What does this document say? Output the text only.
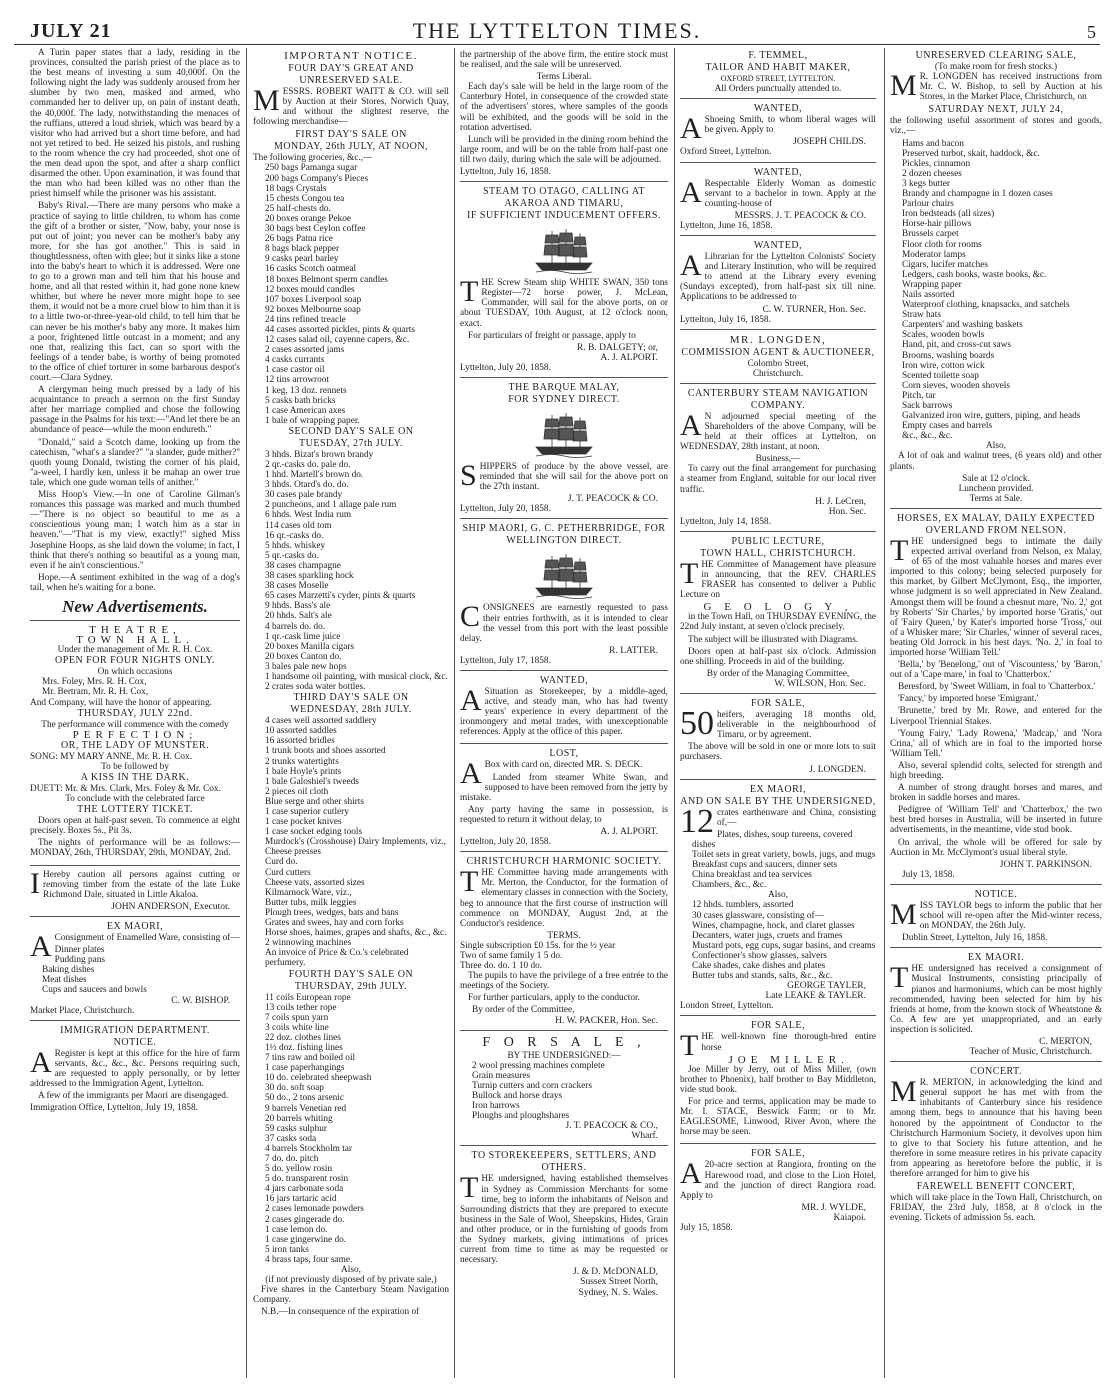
JULY 21	THE LYTTELTON TIMES.	5

A Turin paper states that a lady, residing in the provinces, consulted the parish priest of the place as to the best means of investing a sum 40,000f. On the following night the lady was suddenly aroused from her slumber by two men, masked and armed, who commanded her to deliver up, on pain of instant death, the 40,000f. The lady, notwithstanding the menaces of the ruffians, uttered a loud shriek, which was heard by a visitor who had arrived but a short time before, and had not yet retired to bed. He seized his pistols, and rushing to the room whence the cry had proceeded, shot one of the men dead upon the spot, and after a sharp conflict disarmed the other. Upon examination, it was found that the man who had been killed was no other than the priest himself while the prisoner was his assistant.

Baby's Rival.—There are many persons who make a practice of saying to little children, to whom has come the gift of a brother or sister, "Now, baby, your nose is put out of joint; you never can be mother's baby any more, for she has got another." This is said in thoughtlessness, often with glee; but it sinks like a stone into the baby's heart to which it is addressed. Were one to go to a grown man and tell him that his house and home, and all that rested within it, had gone none knew whither, but where he never more might hope to see them, it would not be a more cruel blow to him than it is to a little two-or-three-year-old child, to tell him that he can never be his mother's baby any more. It makes him a poor, frightened little outcast in a moment; and any one that, realizing this fact, can so sport with the feelings of a tender babe, is worthy of being promoted to the office of chief torturer in some barbarous despot's court.—Clara Sydney.

A clergyman being much pressed by a lady of his acquaintance to preach a sermon on the first Sunday after her marriage complied and chose the following passage in the Psalms for his text:—"And let there be an abundance of peace—while the moon endureth."

"Donald," said a Scotch dame, looking up from the catechism, "what's a slander?" "a slander, gude mither?" quoth young Donald, twisting the corner of his plaid, "a-weel, I hardly ken, unless it be mahap an ower true tale, which one gude woman tells of anither."

Miss Hoop's View.—In one of Caroline Gilman's romances this passage was marked and much thumbed—"There is no object so beautiful to me as a conscientious young man; I watch him as a star in heaven."—"That is my view, exactly!" sighed Miss Josephine Hoops, as she laid down the volume; in fact, I think that there's nothing so beautiful as a young man, even if he ain't conscientious."

Hope.—A sentiment exhibited in the wag of a dog's tail, when he's waiting for a bone.

New Advertisements.
THEATRE,
TOWN HALL.
Under the management of Mr. R. H. Cox.
OPEN FOR FOUR NIGHTS ONLY.
On which occasions
Mrs. Foley, Mrs. R. H. Cox,
Mr. Bertram, Mr. R. H. Cox,
And Company, will have the honor of appearing.
THURSDAY, JULY 22nd.
The performance will commence with the comedy
PERFECTION;
OR, THE LADY OF MUNSTER.
SONG: MY MARY ANNE, Mr. R. H. Cox.
To be followed by
A KISS IN THE DARK.
DUETT: Mr. & Mrs. Clark, Mrs. Foley & Mr. Cox.
To conclude with the celebrated farce
THE LOTTERY TICKET.

Doors open at half-past seven. To commence at eight precisely. Boxes 5s., Pit 3s.

The nights of performance will be as follows:—MONDAY, 26th, THURSDAY, 29th, MONDAY, 2nd.

I Hereby caution all persons against cutting or removing timber from the estate of the late Luke Richmond Dale, situated in Little Akaloa.

JOHN ANDERSON, Executor.
EX MAORI,
A Consignment of Enamelled Ware, consisting of—

Dinner plates
Pudding pans
Baking dishes
Meat dishes
Cups and saucers and bowls
C. W. BISHOP.
Market Place, Christchurch.
IMMIGRATION DEPARTMENT.
NOTICE.
A Register is kept at this office for the hire of farm servants, &c., &c., &c. Persons requiring such, are requested to apply personally, or by letter addressed to the Immigration Agent, Lyttelton.

A few of the immigrants per Maori are disengaged.

Immigration Office, Lyttelton, July 19, 1858.
IMPORTANT NOTICE.
FOUR DAY'S GREAT AND UNRESERVED SALE.
M ESSRS. ROBERT WAITT & CO. will sell by Auction at their Stores, Norwich Quay, and without the slightest reserve, the following merchandise—

FIRST DAY'S SALE ON
MONDAY, 26th JULY, AT NOON,
The following groceries, &c.,—
250 bags Pamanga sugar
200 bags Company's Pieces
18 bags Crystals
15 chests Congou tea
25 half-chests do.
20 boxes orange Pekoe
30 bags best Ceylon coffee
26 bags Patna rice
8 bags black pepper
9 casks pearl barley
16 casks Scotch oatmeal
18 boxes Belmont sperm candles
12 boxes mould candles
107 boxes Liverpool soap
92 boxes Melbourne soap
24 tins refined treacle
44 cases assorted pickles, pints & quarts
12 cases salad oil, cayenne capers, &c.
2 cases assorted jams
4 casks currants
1 case castor oil
12 tins arrowroot
1 keg, 13 doz. rennets
5 casks bath bricks
1 case American axes
1 bale of wrapping paper.
SECOND DAY'S SALE ON
TUESDAY, 27th JULY.
3 hhds. Bizat's brown brandy
2 qr.-casks do. pale do.
1 hhd. Martell's brown do.
3 hhds. Otard's do. do.
30 cases pale brandy
2 puncheons, and 1 allage pale rum
6 hhds. West India rum
114 cases old tom
16 qr.-casks do.
5 hhds. whiskey
5 qr.-casks do.
38 cases champagne
38 cases sparkling hock
38 cases Moselle
65 cases Marzetti's cyder, pints & quarts
9 hhds. Bass's ale
20 hhds. Salt's ale
4 barrels do. do.
1 qr.-cask lime juice
20 boxes Manilla cigars
20 boxes Canton do.
3 bales pale new hops
1 handsome oil painting, with musical clock, &c.
2 crates soda water bottles.
THIRD DAY'S SALE ON
WEDNESDAY, 28th JULY.
4 cases well assorted saddlery
10 assorted saddles
16 assorted bridles
1 trunk boots and shoes assorted
2 trunks watertights
1 bale Hoyle's prints
1 bale Galoshiel's tweeds
2 pieces oil cloth
Blue serge and other shirts
1 case superior cutlery
1 case pocket knives
1 case socket edging tools
Murdock's (Crosshouse) Dairy Implements, viz.,
Cheese presses
Curd do.
Curd cutters
Cheese vats, assorted sizes
Kilmarnock Ware, viz.,
Butter tubs, milk leggies
Plough trees, wedges, bats and bans
Grates and swees, hay and corn forks
Horse shoes, haimes, grapes and shafts, &c., &c.
2 winnowing machines
An invoice of Price & Co.'s celebrated perfumery.
FOURTH DAY'S SALE ON
THURSDAY, 29th JULY.
11 coils European rope
13 coils tether rope
7 coils spun yarn
3 coils white line
22 doz. clothes lines
1½ doz. fishing lines
7 tins raw and boiled oil
1 case paperhangings
10 do. celebrated sheepwash
30 do. soft soap
50 do., 2 tons arsenic
9 barrels Venetian red
20 barrels whiting
59 casks sulphur
37 casks soda
4 barrels Stockholm tar
7 do. do. pitch
5 do. yellow rosin
5 do. transparent rosin
4 jars carbonate soda
16 jars tartaric acid
2 cases lemonade powders
2 cases gingerade do.
1 case lemon do.
1 case gingerwine do.
5 iron tanks
4 brass taps, four same.
Also,
(if not previously disposed of by private sale,)

Five shares in the Canterbury Steam Navigation Company.

N.B.—In consequence of the expiration of

the partnership of the above firm, the entire stock must be realised, and the sale will be unreserved.

Terms Liberal.

Each day's sale will be held in the large room of the Canterbury Hotel, in consequence of the crowded state of the advertisers' stores, where samples of the goods will be exhibited, and the goods will be sold in the rotation advertised.

Lunch will be provided in the dining room behind the large room, and will be on the table from half-past one till two daily, during which the sale will be adjourned.

Lyttelton, July 16, 1858.
STEAM TO OTAGO, CALLING AT AKAROA AND TIMARU,
IF SUFFICIENT INDUCEMENT OFFERS.
T HE Screw Steam ship WHITE SWAN, 350 tons Register—72 horse power, J. McLean, Commander, will sail for the above ports, on or about TUESDAY, 10th August, at 12 o'clock noon, exact.

For particulars of freight or passage, apply to

R. B. DALGETY; or,
A. J. ALPORT.
Lyttelton, July 20, 1858.
THE BARQUE MALAY,
FOR SYDNEY DIRECT.
S HIPPERS of produce by the above vessel, are reminded that she will sail for the above port on the 27th instant.

J. T. PEACOCK & CO.
Lyttelton, July 20, 1858.
SHIP MAORI, G. C. PETHERBRIDGE, FOR WELLINGTON DIRECT.
C ONSIGNEES are earnestly requested to pass their entries forthwith, as it is intended to clear the vessel from this port with the least possible delay.

R. LATTER.
Lyttelton, July 17, 1858.
WANTED,
A Situation as Storekeeper, by a middle-aged, active, and steady man, who has had twenty years' experience in every department of the ironmongery and metal trades, with unexceptionable references. Apply at the office of this paper.

LOST,
A Box with card on, directed MR. S. DECK.

Landed from steamer White Swan, and supposed to have been removed from the jetty by mistake.

Any party having the same in possession, is requested to return it without delay, to

A. J. ALPORT.
Lyttelton, July 20, 1858.
CHRISTCHURCH HARMONIC SOCIETY.
T HE Committee having made arrangements with Mr. Merton, the Conductor, for the formation of elementary classes in connection with the Society, beg to announce that the first course of instruction will commence on MONDAY, August 2nd, at the Conductor's residence.

TERMS.
Single subscription £0 15s. for the ½ year
Two of same family 1 5 do.
Three do. do. 1 10 do.

The pupils to have the privilege of a free entrée to the meetings of the Society.

For further particulars, apply to the conductor.

By order of the Committee,
H. W. PACKER, Hon. Sec.
F O R S A L E ,
BY THE UNDERSIGNED:—
2 wool pressing machines complete
Grain measures
Turnip cutters and corn crackers
Bullock and horse drays
Iron harrows
Ploughs and ploughshares
J. T. PEACOCK & CO.,
Wharf.
TO STOREKEEPERS, SETTLERS, AND OTHERS.
T HE undersigned, having established themselves in Sydney as Commission Merchants for some time, beg to inform the inhabitants of Nelson and Surrounding districts that they are prepared to execute business in the Sale of Wool, Sheepskins, Hides, Grain and other produce, or in the furnishing of goods from the Sydney markets, giving intimations of prices current from time to time as may be requested or necessary.

J. & D. McDONALD,
Sussex Street North,
Sydney, N. S. Wales.
F. TEMMEL,
TAILOR AND HABIT MAKER,
OXFORD STREET, LYTTELTON.
All Orders punctually attended to.
WANTED,
A Shoeing Smith, to whom liberal wages will be given. Apply to

JOSEPH CHILDS.
Oxford Street, Lyttelton.
WANTED,
A Respectable Elderly Woman as domestic servant to a bachelor in town. Apply at the counting-house of

MESSRS. J. T. PEACOCK & CO.
Lyttelton, June 16, 1858.
WANTED,
A Librarian for the Lyttelton Colonists' Society and Literary Institution, who will be required to attend at the Library every evening (Sundays excepted), from half-past six till nine. Applications to be addressed to

C. W. TURNER, Hon. Sec.
Lyttelton, July 16, 1858.
MR. LONGDEN,
COMMISSION AGENT & AUCTIONEER,
Colombo Street,
Christchurch.
CANTERBURY STEAM NAVIGATION COMPANY.
A N adjourned special meeting of the Shareholders of the above Company, will be held at their offices at Lyttelton, on WEDNESDAY, 28th instant, at noon.

Business,—

To carry out the final arrangement for purchasing a steamer from England, suitable for our local river traffic.

H. J. LeCren,
Hon. Sec.
Lyttelton, July 14, 1858.
PUBLIC LECTURE,
TOWN HALL, CHRISTCHURCH.
T HE Committee of Management have pleasure in announcing, that the REV. CHARLES FRASER has consented to deliver a Public Lecture on

G E O L O G Y ,

in the Town Hall, on THURSDAY EVENING, the 22nd July instant, at seven o'clock precisely.

The subject will be illustrated with Diagrams.

Doors open at half-past six o'clock. Admission one shilling. Proceeds in aid of the building.

By order of the Managing Committee,
W. WILSON, Hon. Sec.
FOR SALE,
50 heifers, averaging 18 months old, deliverable in the neighbourhood of Timaru, or by agreement.

The above will be sold in one or more lots to suit purchasers.

J. LONGDEN.
EX MAORI,
AND ON SALE BY THE UNDERSIGNED,
12 crates earthenware and China, consisting of,—

Plates, dishes, soup tureens, covered dishes
Toilet sets in great variety, bowls, jugs, and mugs
Breakfast cups and saucers, dinner sets
China breakfast and tea services
Chambers, &c., &c.
Also,
12 hhds. tumblers, assorted
30 cases glassware, consisting of—
Wines, champagne, hock, and claret glasses
Decanters, water jugs, cruets and frames
Mustard pots, egg cups, sugar basins, and creams
Confectioner's show glasses, salvers
Cake shades, cake dishes and plates
Butter tubs and stands, salts, &c., &c.
GEORGE TAYLER,
Late LEAKE & TAYLER.
London Street, Lyttelton.
FOR SALE,
T HE well-known fine thorough-bred entire horse

JOE MILLER.

Joe Miller by Jerry, out of Miss Miller, (own brother to Phoenix), half brother to Bay Middleton, vide stud book.

For price and terms, application may be made to Mr. I. STACE, Beswick Farm; or to Mr. EAGLESOME, Linwood, River Avon, where the horse may be seen.

FOR SALE,
A 20-acre section at Rangiora, fronting on the Harewood road, and close to the Lion Hotel, and the junction of direct Rangiora road. Apply to

MR. J. WYLDE,
Kaiapoi.
July 15, 1858.
UNRESERVED CLEARING SALE,
(To make room for fresh stocks.)
M R. LONGDEN has received instructions from Mr. C. W. Bishop, to sell by Auction at his Stores, in the Market Place, Christchurch, on

SATURDAY NEXT, JULY 24,

the following useful assortment of stores and goods, viz.,—

Hams and bacon
Preserved turbot, skait, haddock, &c.
Pickles, cinnamon
2 dozen cheeses
3 kegs butter
Brandy and champagne in 1 dozen cases
Parlour chairs
Iron bedsteads (all sizes)
Horse-hair pillows
Brussels carpet
Floor cloth for rooms
Moderator lamps
Cigars, lucifer matches
Ledgers, cash books, waste books, &c.
Wrapping paper
Nails assorted
Waterproof clothing, knapsacks, and satchels
Straw hats
Carpenters' and washing baskets
Scales, wooden bowls
Hand, pit, and cross-cut saws
Brooms, washing boards
Iron wire, cotton wick
Scented toilette soap
Corn sieves, wooden shovels
Pitch, tar
Sack barrows
Galvanized iron wire, gutters, piping, and heads
Empty cases and barrels
&c., &c., &c.
Also,

A lot of oak and walnut trees, (6 years old) and other plants.

Sale at 12 o'clock.
Luncheon provided.
Terms at Sale.
HORSES, EX MALAY, DAILY EXPECTED OVERLAND FROM NELSON.
T HE undersigned begs to intimate the daily expected arrival overland from Nelson, ex Malay, of 65 of the most valuable horses and mares ever imported to this colony; being selected purposely for this market, by Gilbert McClymont, Esq., the importer, whose judgment is so well appreciated in New Zealand. Amongst them will be found a chesnut mare, 'No. 2,' got by Roberts' 'Sir Charles,' by imported horse 'Gratis,' out of 'Fairy Queen,' by Kater's imported horse 'Tross,' out of a Whisker mare; 'Sir Charles,' winner of several races, beating Old Jorrock in his best days. 'No. 2,' in foal to imported horse 'William Tell.'

'Bella,' by 'Benelong,' out of 'Viscountess,' by 'Baron,' out of a 'Cape mare,' in foal to 'Chatterbox.'

Beresford, by 'Sweet William, in foal to 'Chatterbox.'

'Fancy,' by imported horse 'Emigrant.'

'Brunette,' bred by Mr. Rowe, and entered for the Liverpool Triennial Stakes.

'Young Fairy,' 'Lady Rowena,' 'Madcap,' and 'Nora Crina,' all of which are in foal to the imported horse 'William Tell.'

Also, several splendid colts, selected for strength and high breeding.

A number of strong draught horses and mares, and broken in saddle horses and mares.

Pedigree of 'William Tell' and 'Chatterbox,' the two best bred horses in Australia, will be inserted in future advertisements, in the meantime, vide stud book.

On arrival, the whole will be offered for sale by Auction in Mr. McClymont's usual liberal style.

JOHN T. PARKINSON.
July 13, 1858.
NOTICE.
M ISS TAYLOR begs to inform the public that her school will re-open after the Mid-winter recess, on MONDAY, the 26th July.

Dublin Street, Lyttelton, July 16, 1858.
EX MAORI.
T HE undersigned has received a consignment of Musical Instruments, consisting principally of pianos and harmoniums, which can be most highly recommended, having been selected for him by his friends at home, from the known stock of Wheatstone & Co. A few are yet unappropriated, and an early inspection is solicited.

C. MERTON,
Teacher of Music, Christchurch.
CONCERT.
M R. MERTON, in acknowledging the kind and general support he has met with from the inhabitants of Canterbury since his residence among them, begs to announce that his having been honored by the appointment of Conductor to the Christchurch Harmonium Society, it devolves upon him to give to that Society his future attention, and he therefore in some measure retires in his private capacity from appearing as heretofore before the public, it is therefore arranged for him to give his

FAREWELL BENEFIT CONCERT,

which will take place in the Town Hall, Christchurch, on FRIDAY, the 23rd July, 1858, at 8 o'clock in the evening. Tickets of admission 5s. each.
